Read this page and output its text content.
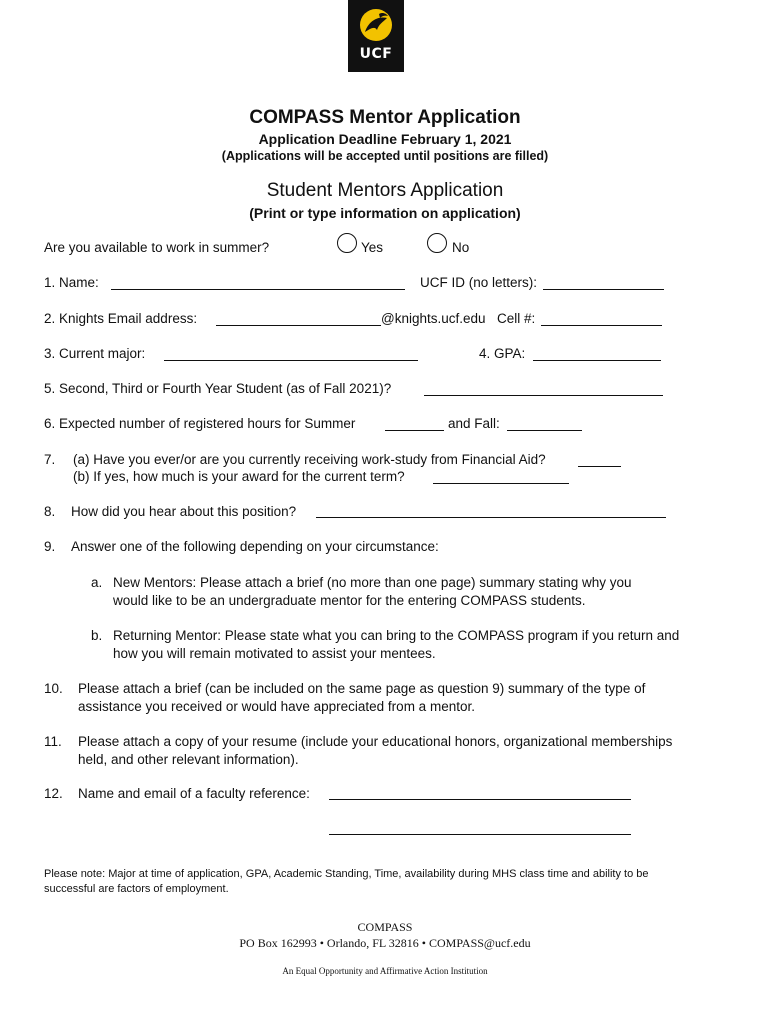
UCF
COMPASS Mentor Application
Application Deadline February 1, 2021
(Applications will be accepted until positions are filled)
Student Mentors Application
(Print or type information on application)
Are you available to work in summer?	Yes	No
1. Name:	UCF ID (no letters):
2. Knights Email address:	@knights.ucf.edu Cell #:
3. Current major:	4. GPA:
5. Second, Third or Fourth Year Student (as of Fall 2021)?
6. Expected number of registered hours for Summer	and Fall:
7. (a) Have you ever/or are you currently receiving work-study from Financial Aid?
(b) If yes, how much is your award for the current term?
8. How did you hear about this position?
9. Answer one of the following depending on your circumstance:
a. New Mentors: Please attach a brief (no more than one page) summary stating why you
would like to be an undergraduate mentor for the entering COMPASS students.
b. Returning Mentor: Please state what you can bring to the COMPASS program if you return and
how you will remain motivated to assist your mentees.
10. Please attach a brief (can be included on the same page as question 9) summary of the type of
assistance you received or would have appreciated from a mentor.
11. Please attach a copy of your resume (include your educational honors, organizational memberships
held, and other relevant information).
12. Name and email of a faculty reference:
Please note: Major at time of application, GPA, Academic Standing, Time, availability during MHS class time and ability to be
successful are factors of employment.
COMPASS
PO Box 162993 • Orlando, FL 32816 • COMPASS@ucf.edu
An Equal Opportunity and Affirmative Action Institution
